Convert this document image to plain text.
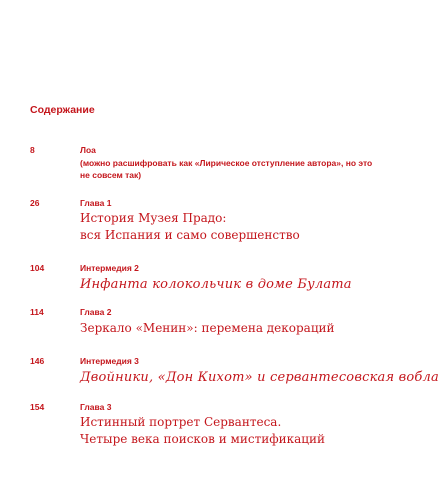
Содержание
8	Лоа
(можно расшифровать как «Лирическое отступление автора», но это не совсем так)
26	Глава 1
История Музея Прадо:
вся Испания и само совершенство
104	Интермедия 2
Инфанта колокольчик в доме Булата
114	Глава 2
Зеркало «Менин»: перемена декораций
146	Интермедия 3
Двойники, «Дон Кихот» и сервантесовская вобла
154	Глава 3
Истинный портрет Сервантеса.
Четыре века поисков и мистификаций
